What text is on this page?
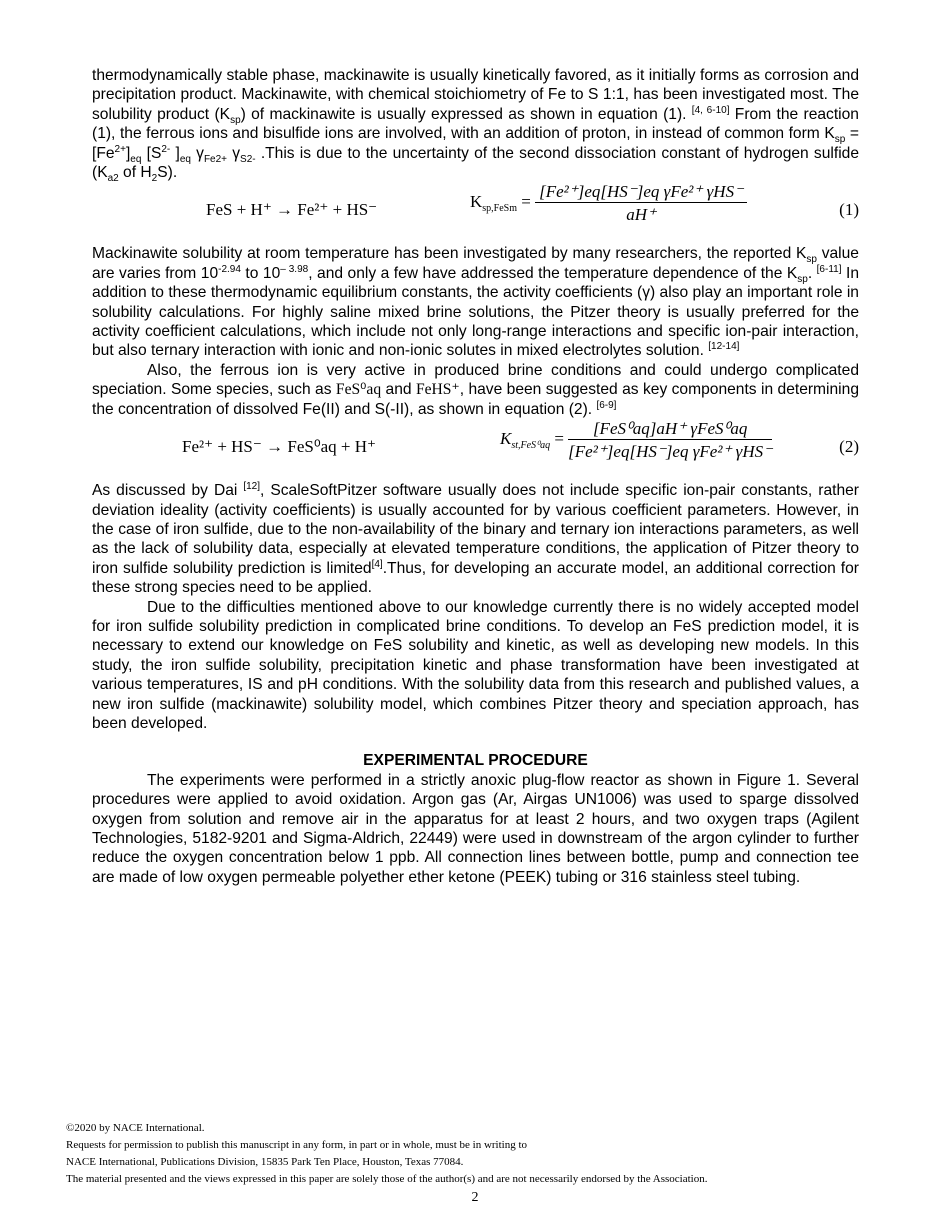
thermodynamically stable phase, mackinawite is usually kinetically favored, as it initially forms as corrosion and precipitation product. Mackinawite, with chemical stoichiometry of Fe to S 1:1, has been investigated most. The solubility product $(K_{sp})$ of mackinawite is usually expressed as shown in equation (1). [4, 6-10] From the reaction (1), the ferrous ions and bisulfide ions are involved, with an addition of proton, in instead of common form $K_{sp} = [Fe^{2+}]_{eq}$ [$S^{2-}$ ]$_{eq}$ $\gamma_{Fe2+}$ $\gamma_{S2-}$ .This is due to the uncertainty of the second dissociation constant of hydrogen sulfide ($K_{a2}$ of $H_2S$).

FeS + H⁺ → Fe²⁺ + HS⁻	$K_{sp,FeSm} = \frac{\text{[Fe²⁺]eq[HS⁻]eq γFe²⁺ γHS⁻}}{aH^+}$	(1)

Mackinawite solubility at room temperature has been investigated by many researchers, the reported $K_{sp}$ value are varies from $10^{-2.94}$ to $10^{- 3.98}$, and only a few have addressed the temperature dependence of the $K_{sp}$. [6-11] In addition to these thermodynamic equilibrium constants, the activity coefficients (γ) also play an important role in solubility calculations. For highly saline mixed brine solutions, the Pitzer theory is usually preferred for the activity coefficient calculations, which include not only long-range interactions and specific ion-pair interaction, but also ternary interaction with ionic and non-ionic solutes in mixed electrolytes solution. [12-14]

Also, the ferrous ion is very active in produced brine conditions and could undergo complicated speciation. Some species, such as FeS⁰aq and FeHS⁺, have been suggested as key components in determining the concentration of dissolved Fe(II) and S(-II), as shown in equation (2). [6-9]

Fe²⁺ + HS⁻ → FeS⁰aq + H⁺	$K_{st,FeS^0aq} = \frac{\text{[FeS⁰aq]aH⁺ γFeS⁰aq}}{\text{[Fe²⁺]eq[HS⁻]eq γFe²⁺ γHS⁻}}$	(2)

As discussed by Dai [12], ScaleSoftPitzer software usually does not include specific ion-pair constants, rather deviation ideality (activity coefficients) is usually accounted for by various coefficient parameters. However, in the case of iron sulfide, due to the non-availability of the binary and ternary ion interactions parameters, as well as the lack of solubility data, especially at elevated temperature conditions, the application of Pitzer theory to iron sulfide solubility prediction is limited[4].Thus, for developing an accurate model, an additional correction for these strong species need to be applied.

Due to the difficulties mentioned above to our knowledge currently there is no widely accepted model for iron sulfide solubility prediction in complicated brine conditions. To develop an FeS prediction model, it is necessary to extend our knowledge on FeS solubility and kinetic, as well as developing new models. In this study, the iron sulfide solubility, precipitation kinetic and phase transformation have been investigated at various temperatures, IS and pH conditions. With the solubility data from this research and published values, a new iron sulfide (mackinawite) solubility model, which combines Pitzer theory and speciation approach, has been developed.

EXPERIMENTAL PROCEDURE

The experiments were performed in a strictly anoxic plug-flow reactor as shown in Figure 1. Several procedures were applied to avoid oxidation. Argon gas (Ar, Airgas UN1006) was used to sparge dissolved oxygen from solution and remove air in the apparatus for at least 2 hours, and two oxygen traps (Agilent Technologies, 5182-9201 and Sigma-Aldrich, 22449) were used in downstream of the argon cylinder to further reduce the oxygen concentration below 1 ppb. All connection lines between bottle, pump and connection tee are made of low oxygen permeable polyether ether ketone (PEEK) tubing or 316 stainless steel tubing.

©2020 by NACE International.
Requests for permission to publish this manuscript in any form, in part or in whole, must be in writing to
NACE International, Publications Division, 15835 Park Ten Place, Houston, Texas 77084.
The material presented and the views expressed in this paper are solely those of the author(s) and are not necessarily endorsed by the Association.
2
